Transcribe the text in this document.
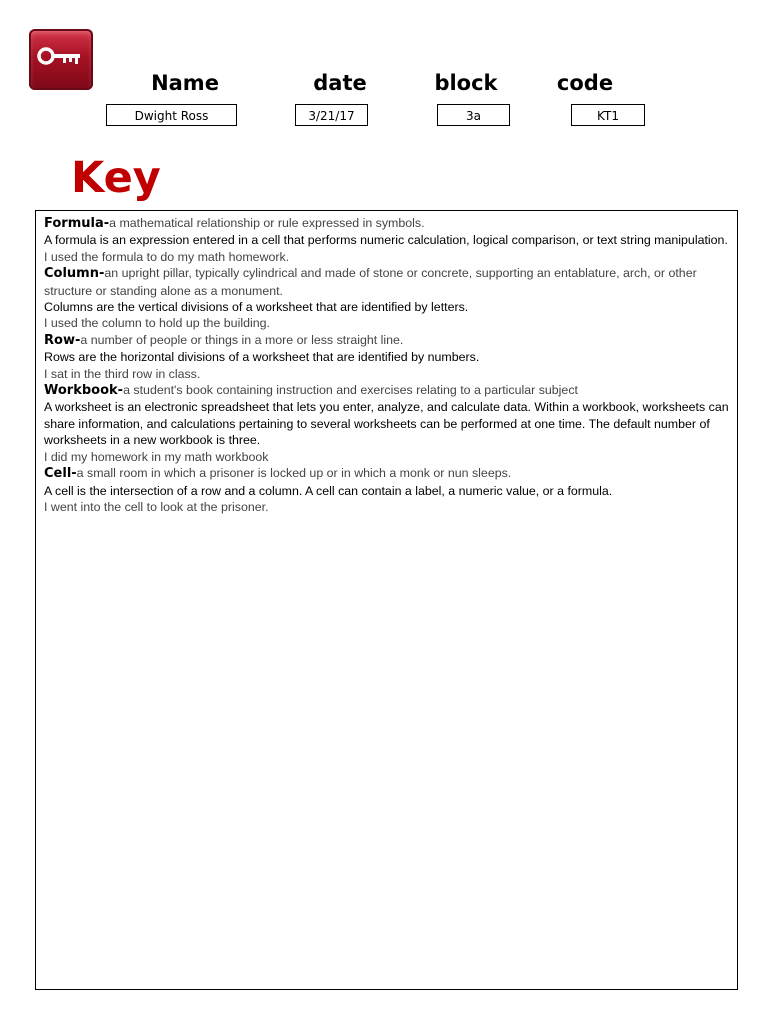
Name	date	block	code
Dwight Ross	3/21/17	3a	KT1
Key

Formula-a mathematical relationship or rule expressed in symbols.

A formula is an expression entered in a cell that performs numeric calculation, logical comparison, or text string manipulation.

I used the formula to do my math homework.

Column-an upright pillar, typically cylindrical and made of stone or concrete, supporting an entablature, arch, or other structure or standing alone as a monument.

Columns are the vertical divisions of a worksheet that are identified by letters.

I used the column to hold up the building.

Row-a number of people or things in a more or less straight line.

Rows are the horizontal divisions of a worksheet that are identified by numbers.

I sat in the third row in class.

Workbook-a student's book containing instruction and exercises relating to a particular subject

A worksheet is an electronic spreadsheet that lets you enter, analyze, and calculate data. Within a workbook, worksheets can share information, and calculations pertaining to several worksheets can be performed at one time. The default number of worksheets in a new workbook is three.

I did my homework in my math workbook

Cell-a small room in which a prisoner is locked up or in which a monk or nun sleeps.

A cell is the intersection of a row and a column. A cell can contain a label, a numeric value, or a formula.

I went into the cell to look at the prisoner.
